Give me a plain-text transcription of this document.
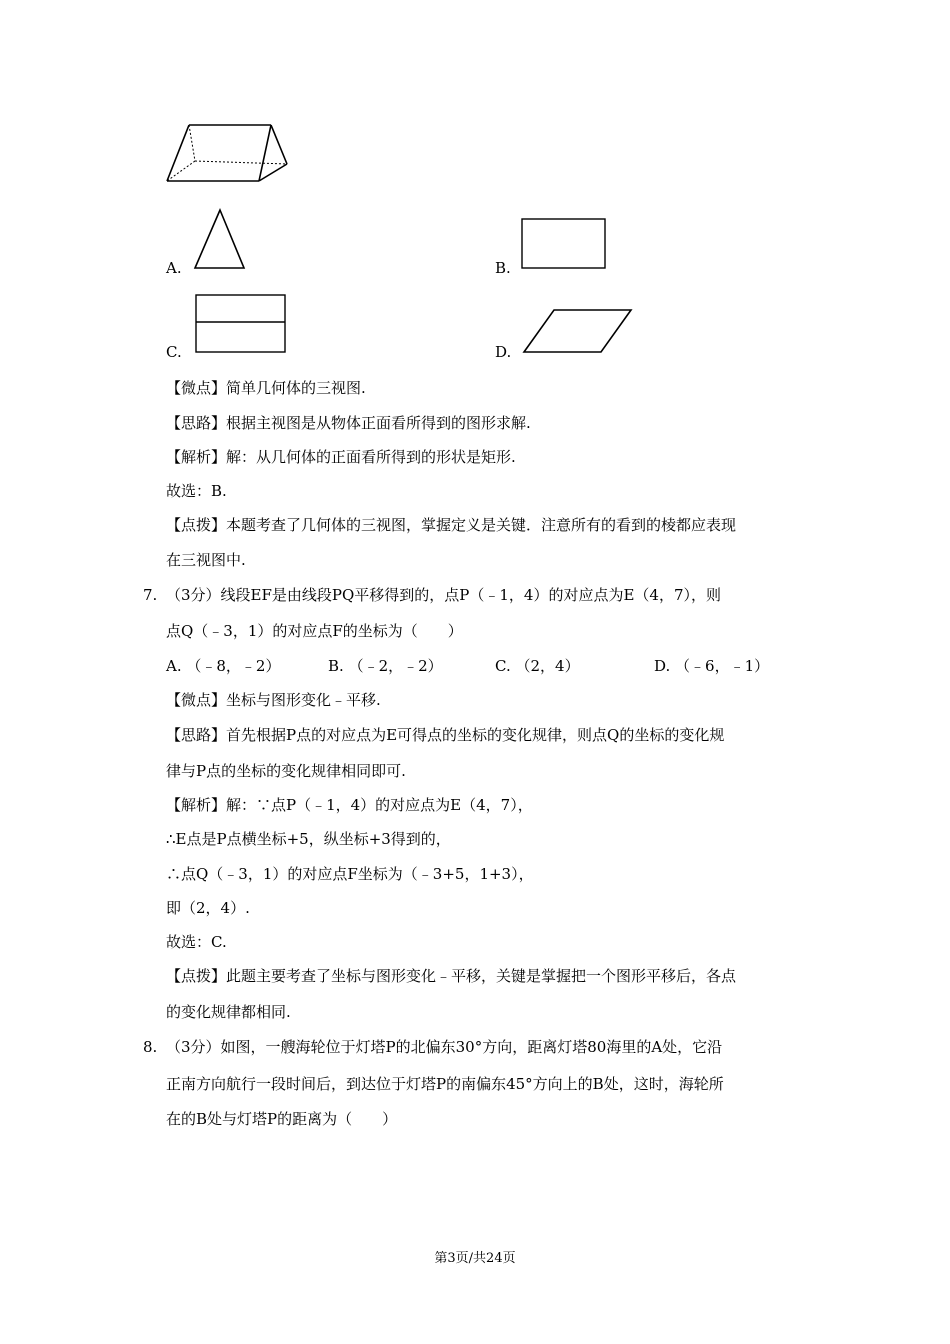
A.	B.
C.	D.
【微点】简单几何体的三视图.
【思路】根据主视图是从物体正面看所得到的图形求解.
【解析】解：从几何体的正面看所得到的形状是矩形.
故选：B.
【点拨】本题考查了几何体的三视图，掌握定义是关键．注意所有的看到的棱都应表现
在三视图中.
7. （3分）线段EF是由线段PQ平移得到的，点P（﹣1，4）的对应点为E（4，7），则
点Q（﹣3，1）的对应点F的坐标为（　　）
A. （﹣8，﹣2）	B. （﹣2，﹣2）	C. （2，4）	D. （﹣6，﹣1）
【微点】坐标与图形变化﹣平移.
【思路】首先根据P点的对应点为E可得点的坐标的变化规律，则点Q的坐标的变化规
律与P点的坐标的变化规律相同即可.
【解析】解：∵点P（﹣1，4）的对应点为E（4，7），
∴E点是P点横坐标+5，纵坐标+3得到的，
∴点Q（﹣3，1）的对应点F坐标为（﹣3+5，1+3），
即（2，4）.
故选：C.
【点拨】此题主要考查了坐标与图形变化﹣平移，关键是掌握把一个图形平移后，各点
的变化规律都相同.
8. （3分）如图，一艘海轮位于灯塔P的北偏东30°方向，距离灯塔80海里的A处，它沿
正南方向航行一段时间后，到达位于灯塔P的南偏东45°方向上的B处，这时，海轮所
在的B处与灯塔P的距离为（　　）
第3页/共24页
